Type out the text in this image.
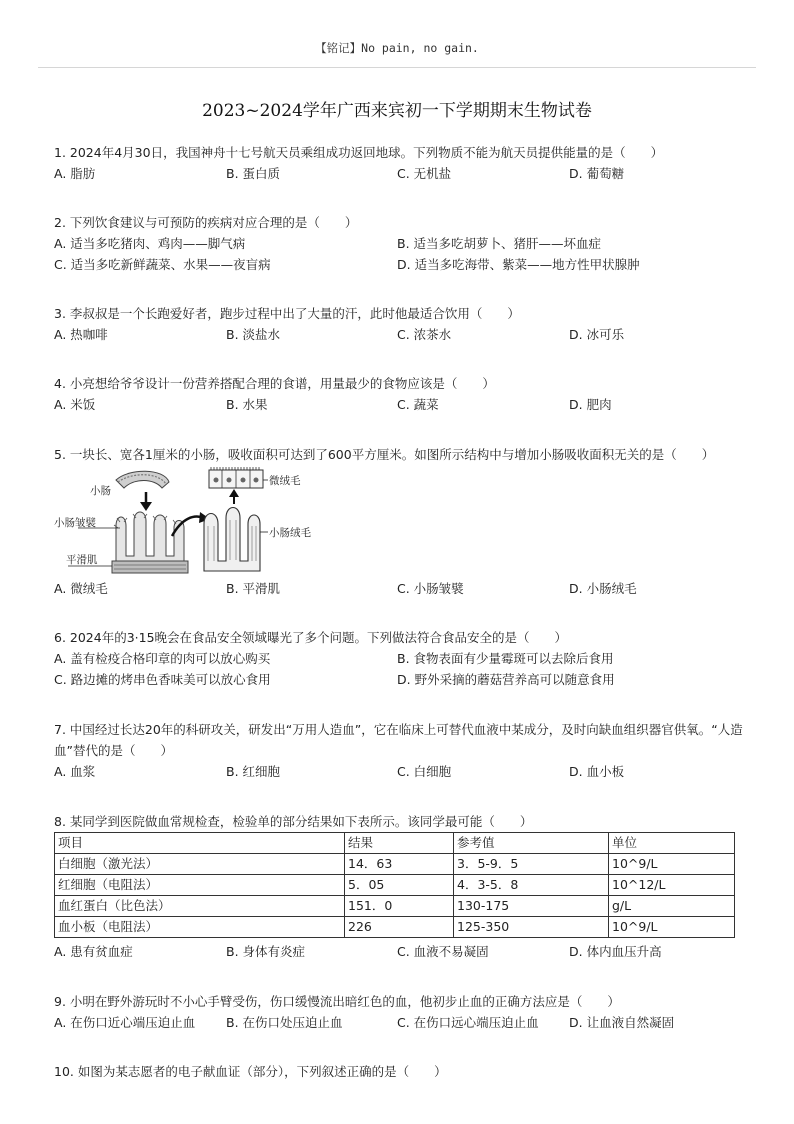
【铭记】No pain, no gain.
2023~2024学年广西来宾初一下学期期末生物试卷
1. 2024年4月30日，我国神舟十七号航天员乘组成功返回地球。下列物质不能为航天员提供能量的是（　　）
A. 脂肪	B. 蛋白质	C. 无机盐	D. 葡萄糖
2. 下列饮食建议与可预防的疾病对应合理的是（　　）
A. 适当多吃猪肉、鸡肉——脚气病	B. 适当多吃胡萝卜、猪肝——坏血症
C. 适当多吃新鲜蔬菜、水果——夜盲病	D. 适当多吃海带、紫菜——地方性甲状腺肿
3. 李叔叔是一个长跑爱好者，跑步过程中出了大量的汗，此时他最适合饮用（　　）
A. 热咖啡	B. 淡盐水	C. 浓茶水	D. 冰可乐
4. 小亮想给爷爷设计一份营养搭配合理的食谱，用量最少的食物应该是（　　）
A. 米饭	B. 水果	C. 蔬菜	D. 肥肉
5. 一块长、宽各1厘米的小肠，吸收面积可达到了600平方厘米。如图所示结构中与增加小肠吸收面积无关的是（　　）
小肠
小肠皱襞
平滑肌
微绒毛
小肠绒毛
A. 微绒毛	B. 平滑肌	C. 小肠皱襞	D. 小肠绒毛
6. 2024年的3·15晚会在食品安全领域曝光了多个问题。下列做法符合食品安全的是（　　）
A. 盖有检疫合格印章的肉可以放心购买	B. 食物表面有少量霉斑可以去除后食用
C. 路边摊的烤串色香味美可以放心食用	D. 野外采摘的蘑菇营养高可以随意食用
7. 中国经过长达20年的科研攻关，研发出“万用人造血”，它在临床上可替代血液中某成分，及时向缺血组织器官供氧。“人造血”替代的是（　　）
A. 血浆	B. 红细胞	C. 白细胞	D. 血小板
8. 某同学到医院做血常规检查，检验单的部分结果如下表所示。该同学最可能（　　）
项目	结果	参考值	单位
白细胞（激光法）	14．63	3．5-9．5	10^9/L
红细胞（电阻法）	5．05	4．3-5．8	10^12/L
血红蛋白（比色法）	151．0	130-175	g/L
血小板（电阻法）	226	125-350	10^9/L
A. 患有贫血症	B. 身体有炎症	C. 血液不易凝固	D. 体内血压升高
9. 小明在野外游玩时不小心手臂受伤，伤口缓慢流出暗红色的血，他初步止血的正确方法应是（　　）
A. 在伤口近心端压迫止血 B. 在伤口处压迫止血	C. 在伤口远心端压迫止血 D. 让血液自然凝固
10. 如图为某志愿者的电子献血证（部分），下列叙述正确的是（　　）
